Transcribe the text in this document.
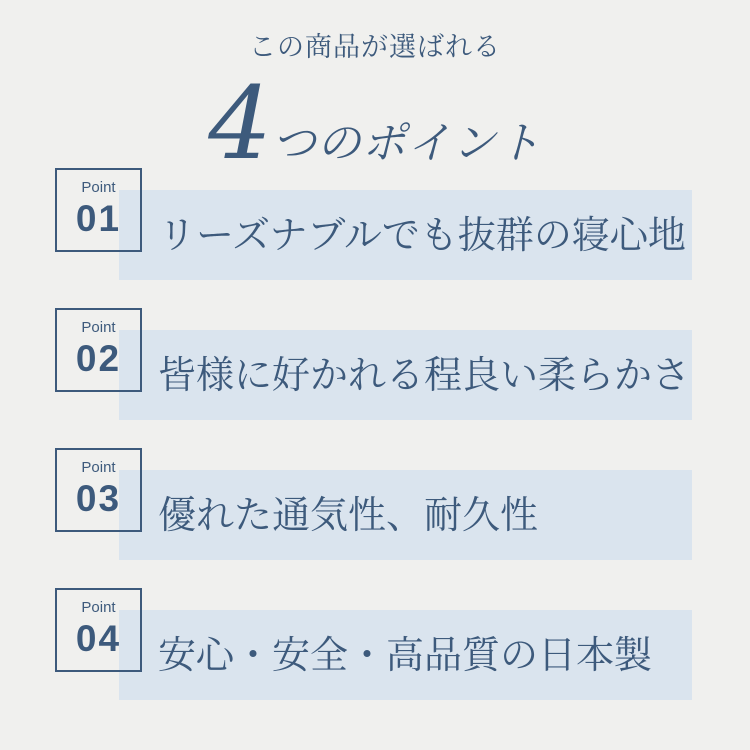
この商品が選ばれる
4つのポイント
リーズナブルでも抜群の寝心地
Point
01
皆様に好かれる程良い柔らかさ
Point
02
優れた通気性、耐久性
Point
03
安心・安全・高品質の日本製
Point
04
